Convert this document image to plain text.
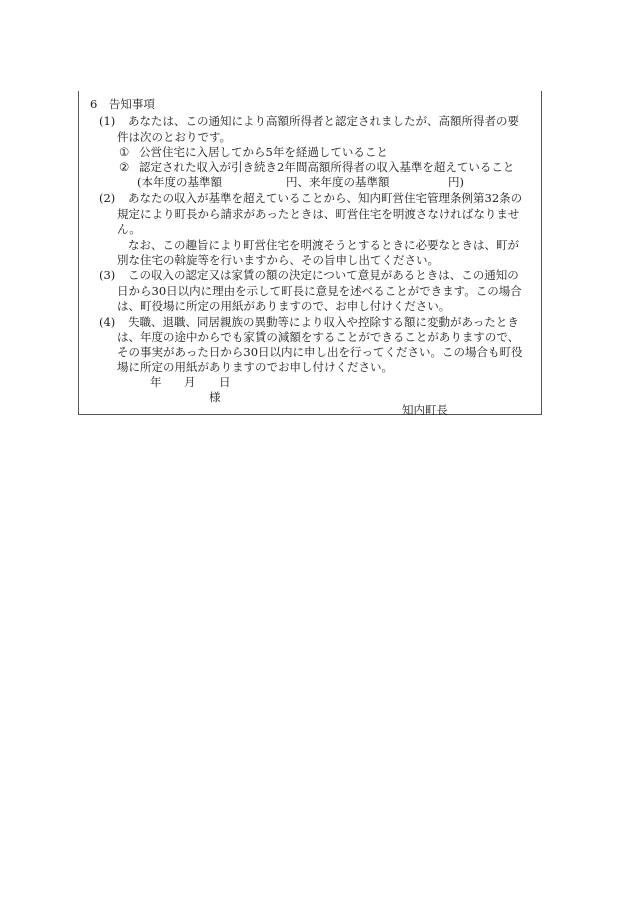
6　告知事項
(1) あなたは、この通知により高額所得者と認定されましたが、高額所得者の要
件は次のとおりです。
① 公営住宅に入居してから5年を経過していること
② 認定された収入が引き続き2年間高額所得者の収入基準を超えていること
(本年度の基準額	円、来年度の基準額	円)
(2) あなたの収入が基準を超えていることから、知内町営住宅管理条例第32条の
規定により町長から請求があったときは、町営住宅を明渡さなければなりませ
ん。
なお、この趣旨により町営住宅を明渡そうとするときに必要なときは、町が
別な住宅の斡旋等を行いますから、その旨申し出てください。
(3) この収入の認定又は家賃の額の決定について意見があるときは、この通知の
日から30日以内に理由を示して町長に意見を述べることができます。この場合
は、町役場に所定の用紙がありますので、お申し付けください。
(4) 失職、退職、同居親族の異動等により収入や控除する額に変動があったとき
は、年度の途中からでも家賃の減額をすることができることがありますので、
その事実があった日から30日以内に申し出を行ってください。この場合も町役
場に所定の用紙がありますのでお申し付けください。
年 月 日
様
知内町長
